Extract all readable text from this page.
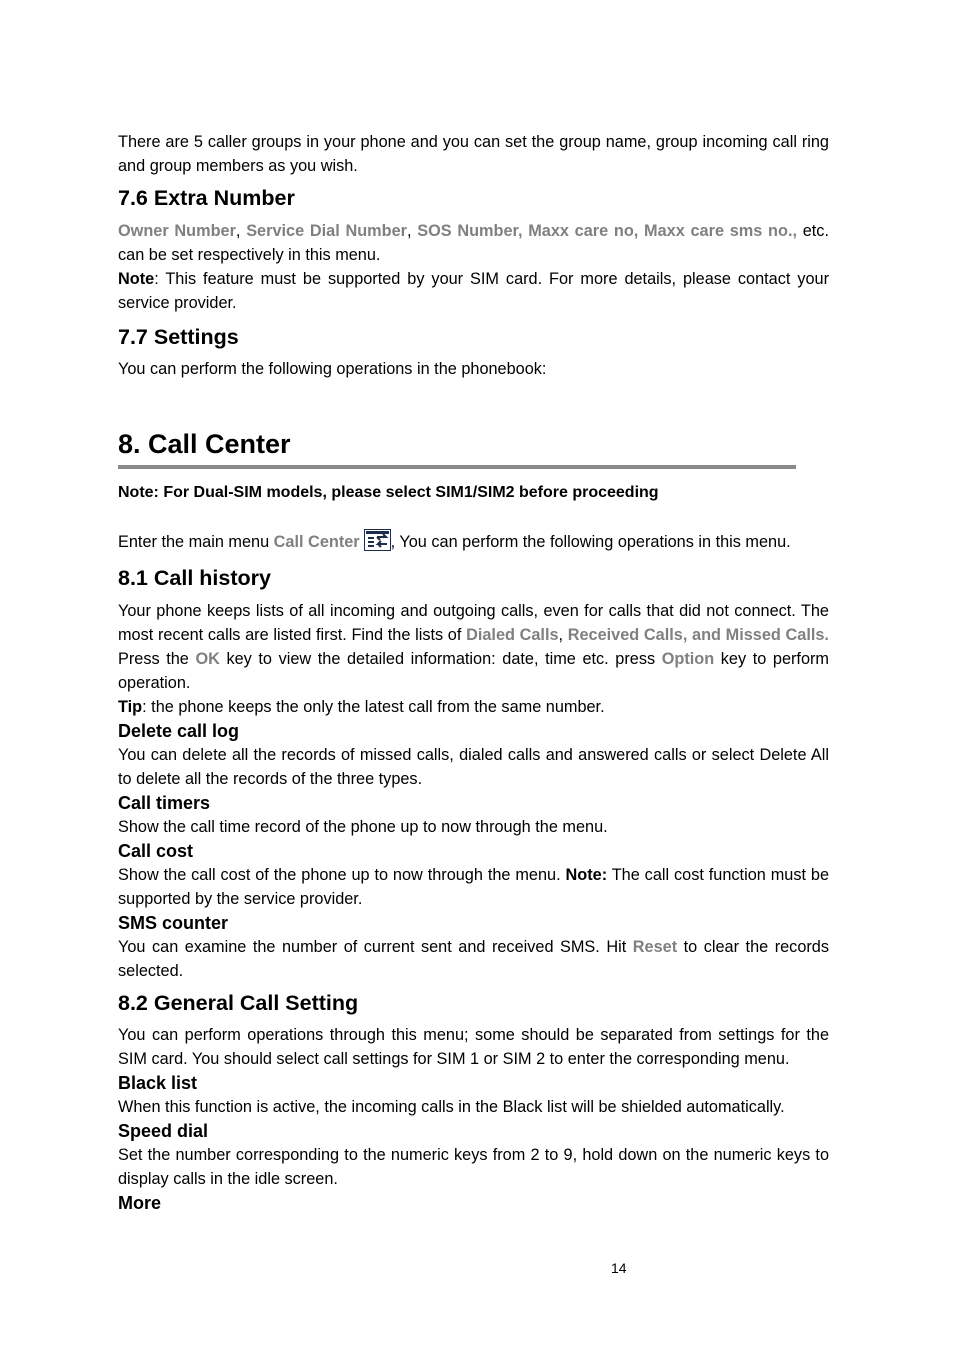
There are 5 caller groups in your phone and you can set the group name, group incoming call ring and group members as you wish.

7.6 Extra Number

Owner Number, Service Dial Number, SOS Number, Maxx care no, Maxx care sms no., etc. can be set respectively in this menu.

Note: This feature must be supported by your SIM card. For more details, please contact your service provider.

7.7 Settings

You can perform the following operations in the phonebook:

8. Call Center

Note: For Dual-SIM models, please select SIM1/SIM2 before proceeding

Enter the main menu Call Center , You can perform the following operations in this menu.

8.1 Call history

Your phone keeps lists of all incoming and outgoing calls, even for calls that did not connect. The most recent calls are listed first. Find the lists of Dialed Calls, Received Calls, and Missed Calls. Press the OK key to view the detailed information: date, time etc. press Option key to perform operation.

Tip: the phone keeps the only the latest call from the same number.

Delete call log

You can delete all the records of missed calls, dialed calls and answered calls or select Delete All to delete all the records of the three types.

Call timers

Show the call time record of the phone up to now through the menu.

Call cost

Show the call cost of the phone up to now through the menu. Note: The call cost function must be supported by the service provider.

SMS counter

You can examine the number of current sent and received SMS. Hit Reset to clear the records selected.

8.2 General Call Setting

You can perform operations through this menu; some should be separated from settings for the SIM card. You should select call settings for SIM 1 or SIM 2 to enter the corresponding menu.

Black list

When this function is active, the incoming calls in the Black list will be shielded automatically.

Speed dial

Set the number corresponding to the numeric keys from 2 to 9, hold down on the numeric keys to display calls in the idle screen.

More
14
